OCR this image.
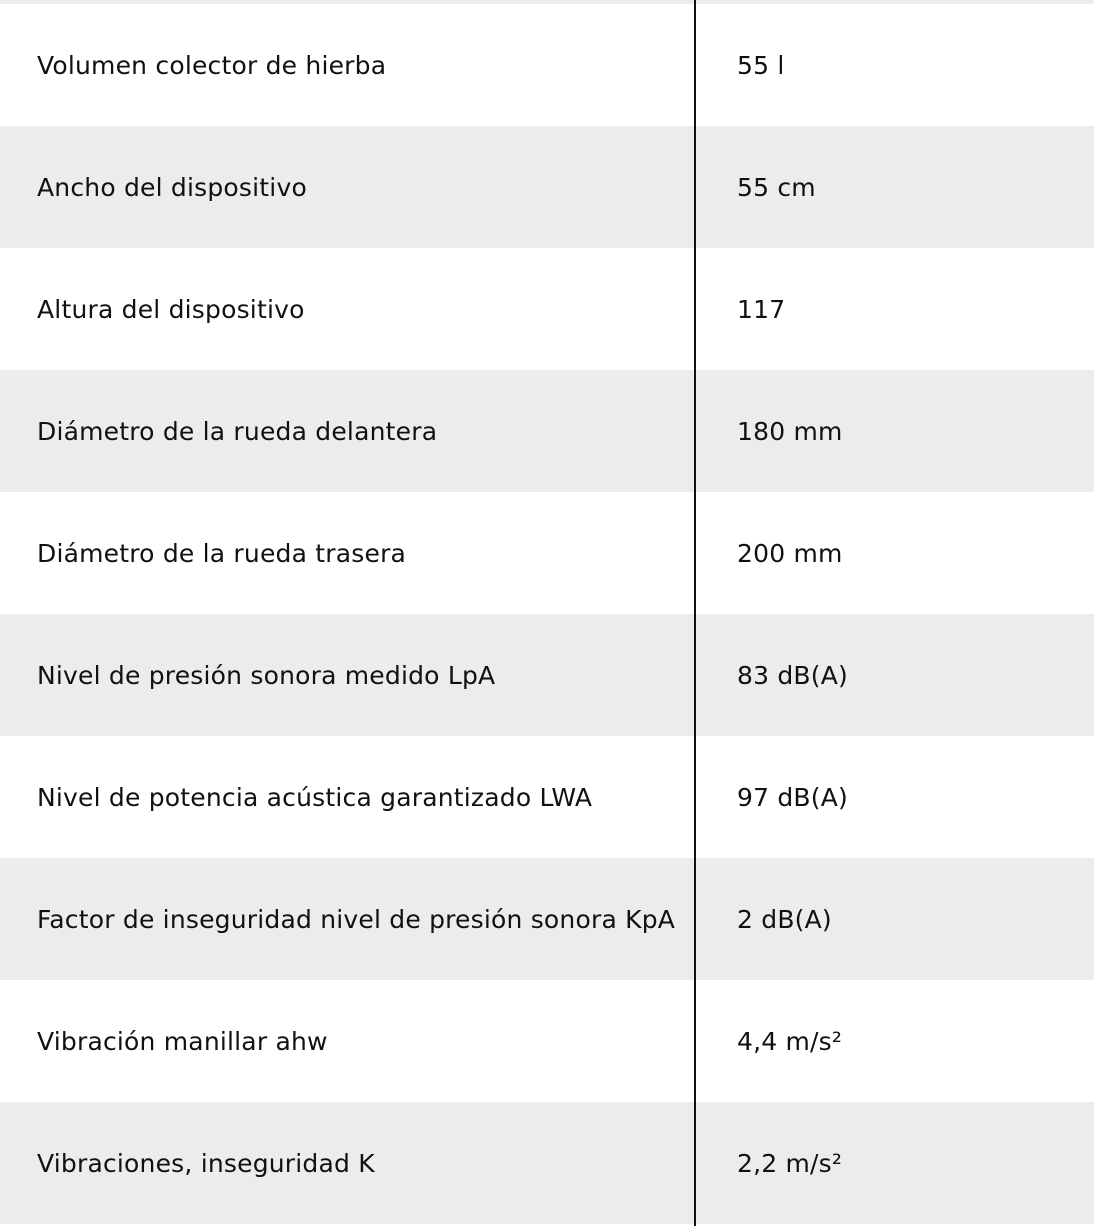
Volumen colector de hierba	55 l
Ancho del dispositivo	55 cm
Altura del dispositivo	117
Diámetro de la rueda delantera	180 mm
Diámetro de la rueda trasera	200 mm
Nivel de presión sonora medido LpA	83 dB(A)
Nivel de potencia acústica garantizado LWA	97 dB(A)
Factor de inseguridad nivel de presión sonora KpA	2 dB(A)
Vibración manillar ahw	4,4 m/s²
Vibraciones, inseguridad K	2,2 m/s²
